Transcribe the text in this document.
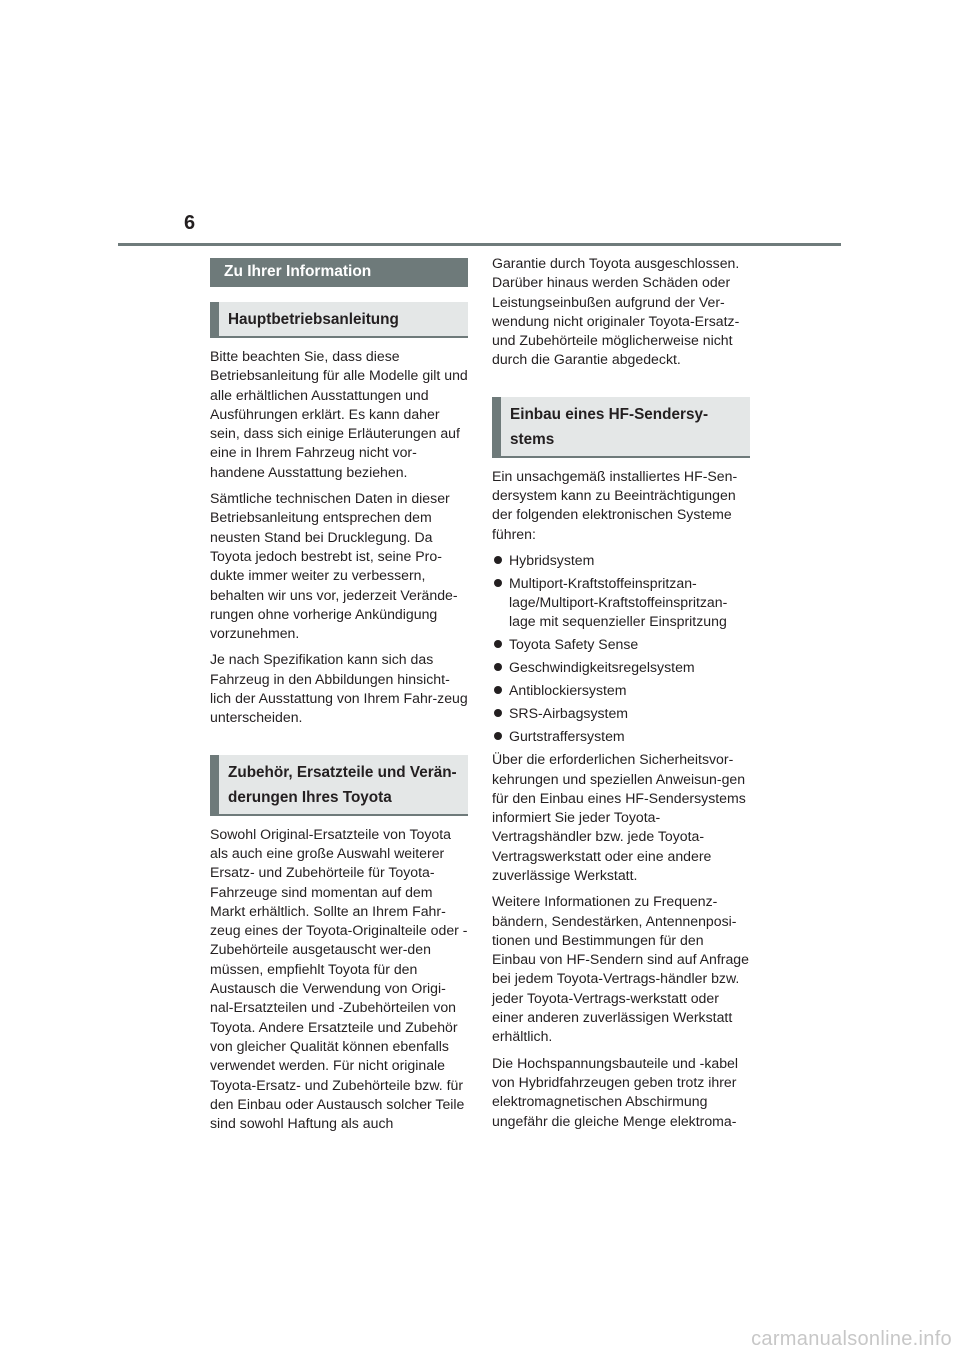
6
Zu Ihrer Information
Hauptbetriebsanleitung

Bitte beachten Sie, dass diese Betriebsanleitung für alle Modelle gilt und alle erhältlichen Ausstattungen und Ausführungen erklärt. Es kann daher sein, dass sich einige Erläuterungen auf eine in Ihrem Fahrzeug nicht vor-handene Ausstattung beziehen.

Sämtliche technischen Daten in dieser Betriebsanleitung entsprechen dem neusten Stand bei Drucklegung. Da Toyota jedoch bestrebt ist, seine Pro-dukte immer weiter zu verbessern, behalten wir uns vor, jederzeit Verände-rungen ohne vorherige Ankündigung vorzunehmen.

Je nach Spezifikation kann sich das Fahrzeug in den Abbildungen hinsicht-lich der Ausstattung von Ihrem Fahr-zeug unterscheiden.

Zubehör, Ersatzteile und Verän-derungen Ihres Toyota

Sowohl Original-Ersatzteile von Toyota als auch eine große Auswahl weiterer Ersatz- und Zubehörteile für Toyota-Fahrzeuge sind momentan auf dem Markt erhältlich. Sollte an Ihrem Fahr-zeug eines der Toyota-Originalteile oder -Zubehörteile ausgetauscht wer-den müssen, empfiehlt Toyota für den Austausch die Verwendung von Origi-nal-Ersatzteilen und -Zubehörteilen von Toyota. Andere Ersatzteile und Zubehör von gleicher Qualität können ebenfalls verwendet werden. Für nicht originale Toyota-Ersatz- und Zubehörteile bzw. für den Einbau oder Austausch solcher Teile sind sowohl Haftung als auch

Garantie durch Toyota ausgeschlossen. Darüber hinaus werden Schäden oder Leistungseinbußen aufgrund der Ver-wendung nicht originaler Toyota-Ersatz- und Zubehörteile möglicherweise nicht durch die Garantie abgedeckt.

Einbau eines HF-Sendersy-stems

Ein unsachgemäß installiertes HF-Sen-dersystem kann zu Beeinträchtigungen der folgenden elektronischen Systeme führen:

Hybridsystem
Multiport-Kraftstoffeinspritzan-lage/Multiport-Kraftstoffeinspritzan-lage mit sequenzieller Einspritzung
Toyota Safety Sense
Geschwindigkeitsregelsystem
Antiblockiersystem
SRS-Airbagsystem
Gurtstraffersystem

Über die erforderlichen Sicherheitsvor-kehrungen und speziellen Anweisun-gen für den Einbau eines HF-Sendersystems informiert Sie jeder Toyota-Vertragshändler bzw. jede Toyota-Vertragswerkstatt oder eine andere zuverlässige Werkstatt.

Weitere Informationen zu Frequenz-bändern, Sendestärken, Antennenposi-tionen und Bestimmungen für den Einbau von HF-Sendern sind auf Anfrage bei jedem Toyota-Vertrags-händler bzw. jeder Toyota-Vertrags-werkstatt oder einer anderen zuverlässigen Werkstatt erhältlich.

Die Hochspannungsbauteile und -kabel von Hybridfahrzeugen geben trotz ihrer elektromagnetischen Abschirmung ungefähr die gleiche Menge elektroma-

carmanualsonline.info
